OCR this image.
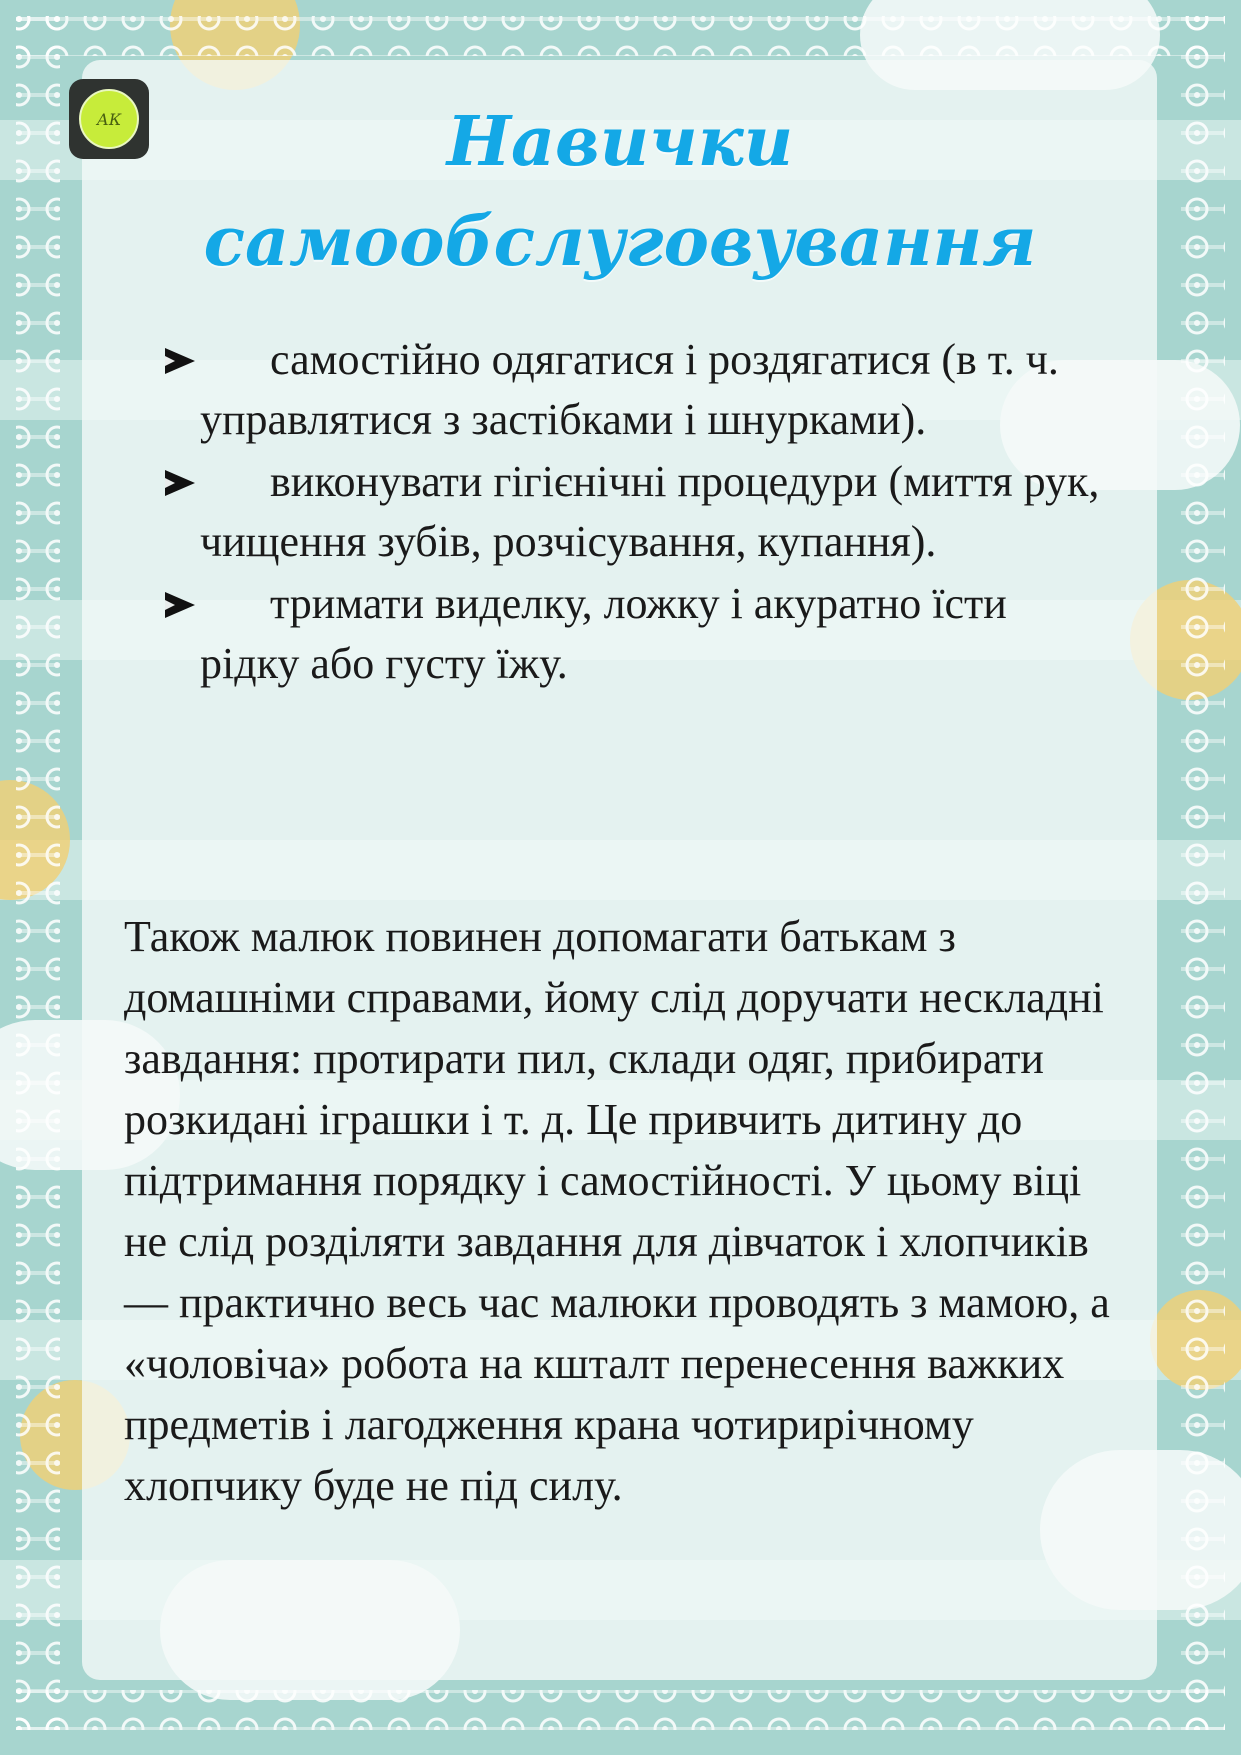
АК	Навички
самообслуговування
самостійно одягатися і роздягатися (в т. ч. управлятися з застібками і шнурками).
виконувати гігієнічні процедури (миття рук, чищення зубів, розчісування, купання).
тримати виделку, ложку і акуратно їсти рідку або густу їжу.

Також малюк повинен допомагати батькам з домашніми справами, йому слід доручати нескладні завдання: протирати пил, склади одяг, прибирати розкидані іграшки і т. д. Це привчить дитину до підтримання порядку і самостійності. У цьому віці не слід розділяти завдання для дівчаток і хлопчиків — практично весь час малюки проводять з мамою, а «чоловіча» робота на кшталт перенесення важких предметів і лагодження крана чотирирічному хлопчику буде не під силу.
